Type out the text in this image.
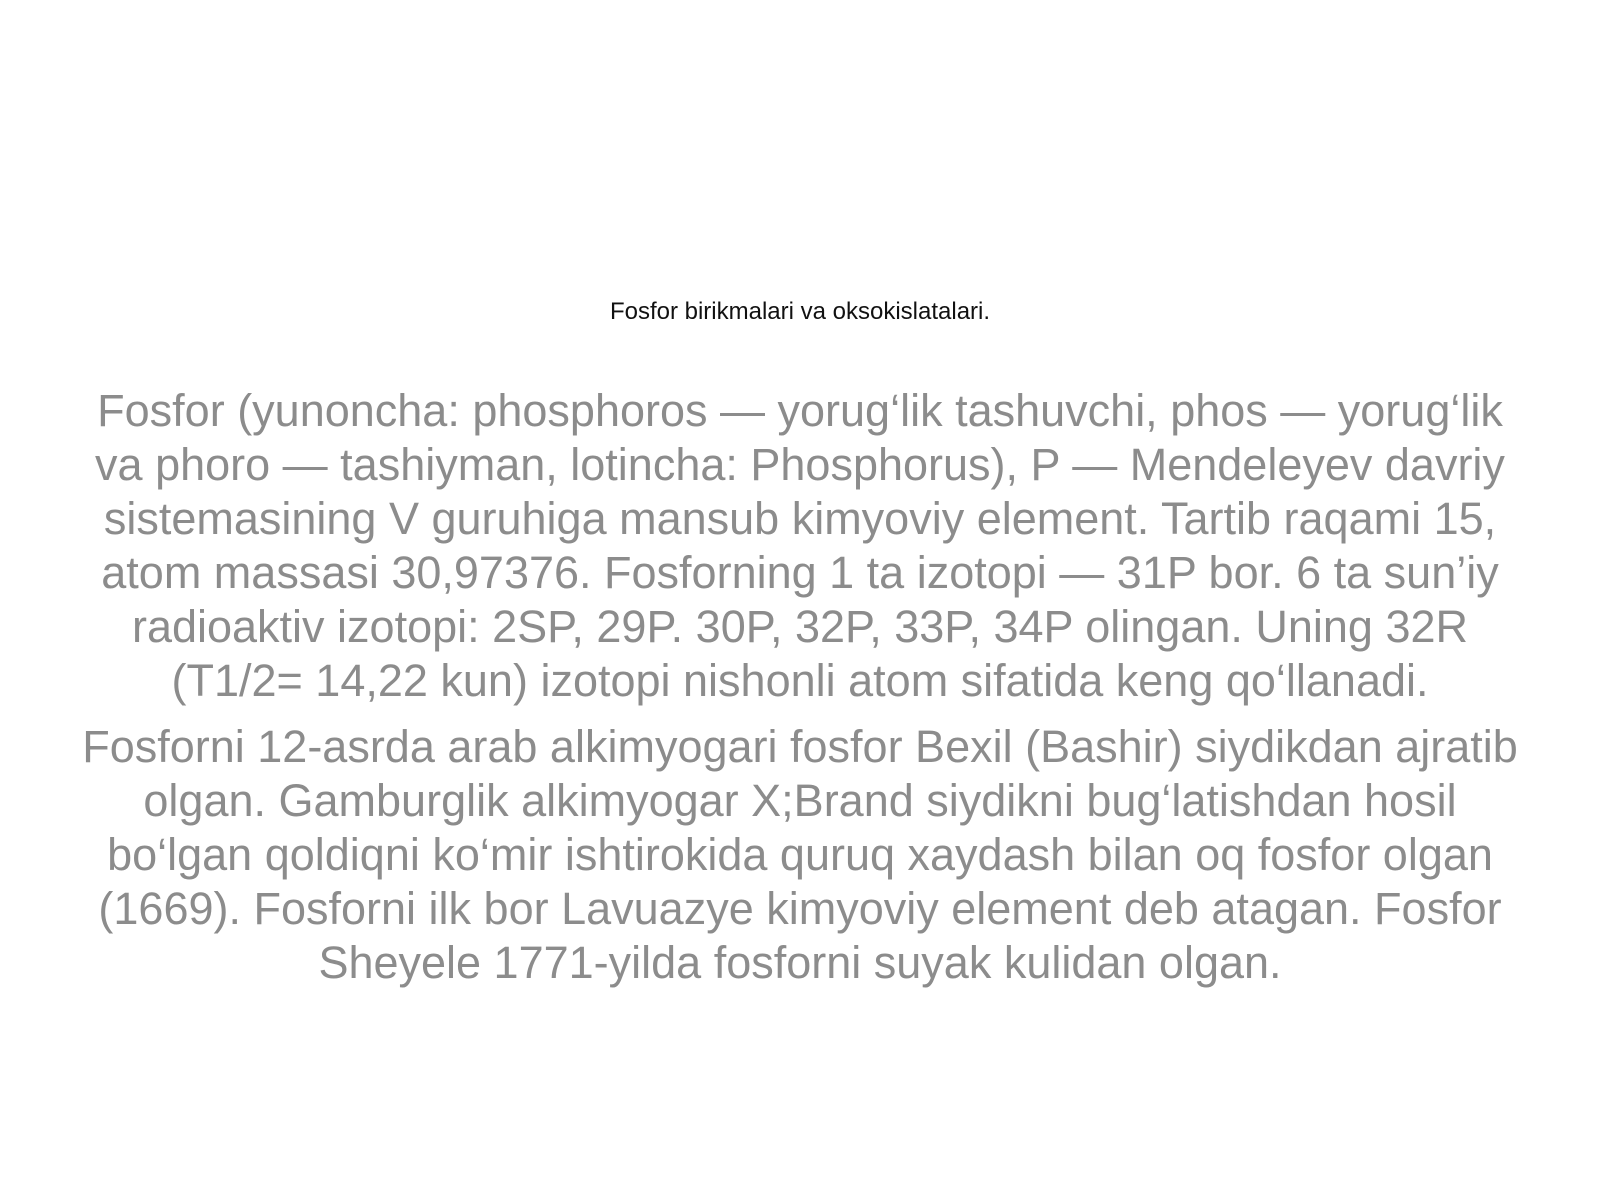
Fosfor birikmalari va oksokislatalari.

Fosfor (yunoncha: phosphoros — yorug‘lik tashuvchi, phos — yorug‘lik va phoro — tashiyman, lotincha: Phosphorus), P — Mendeleyev davriy sistemasining V guruhiga mansub kimyoviy element. Tartib raqami 15, atom massasi 30,97376. Fosforning 1 ta izotopi — 31P bor. 6 ta sun’iy radioaktiv izotopi: 2SP, 29P. 30P, 32P, 33P, 34P olingan. Uning 32R (T1/2= 14,22 kun) izotopi nishonli atom sifatida keng qo‘llanadi.

Fosforni 12-asrda arab alkimyogari fosfor Bexil (Bashir) siydikdan ajratib olgan. Gamburglik alkimyogar X;Brand siydikni bug‘latishdan hosil bo‘lgan qoldiqni ko‘mir ishtirokida quruq xaydash bilan oq fosfor olgan (1669). Fosforni ilk bor Lavuazye kimyoviy element deb atagan. Fosfor Sheyele 1771-yilda fosforni suyak kulidan olgan.
